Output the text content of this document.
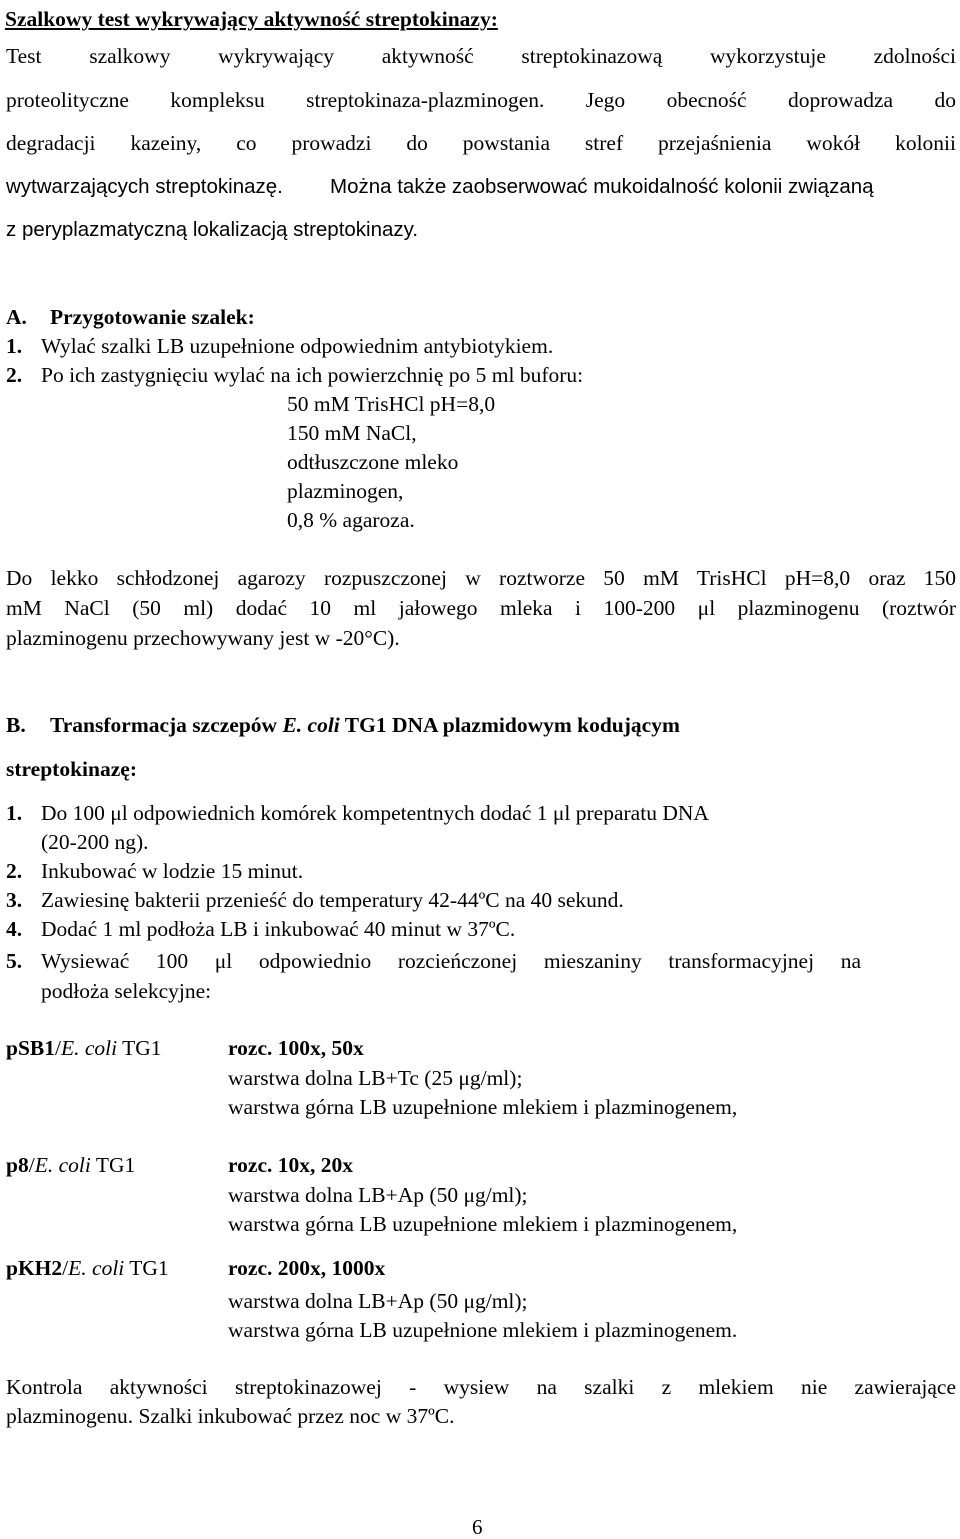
Szalkowy test wykrywający aktywność streptokinazy:
Test szalkowy wykrywający aktywność streptokinazową wykorzystuje zdolności
proteolityczne kompleksu streptokinaza-plazminogen. Jego obecność doprowadza do
degradacji kazeiny, co prowadzi do powstania stref przejaśnienia wokół kolonii
wytwarzających streptokinazę. Można także zaobserwować mukoidalność kolonii związaną
z peryplazmatyczną lokalizacją streptokinazy.
A. Przygotowanie szalek:
1. Wylać szalki LB uzupełnione odpowiednim antybiotykiem.
2. Po ich zastygnięciu wylać na ich powierzchnię po 5 ml buforu:
50 mM TrisHCl pH=8,0
150 mM NaCl,
odtłuszczone mleko
plazminogen,
0,8 % agaroza.
Do lekko schłodzonej agarozy rozpuszczonej w roztworze 50 mM TrisHCl pH=8,0 oraz 150
mM NaCl (50 ml) dodać 10 ml jałowego mleka i 100-200 μl plazminogenu (roztwór
plazminogenu przechowywany jest w -20°C).
B. Transformacja szczepów E. coli TG1 DNA plazmidowym kodującym
streptokinazę:
1. Do 100 μl odpowiednich komórek kompetentnych dodać 1 μl preparatu DNA
(20-200 ng).
2. Inkubować w lodzie 15 minut.
3. Zawiesinę bakterii przenieść do temperatury 42-44ºC na 40 sekund.
4. Dodać 1 ml podłoża LB i inkubować 40 minut w 37ºC.
5. Wysiewać 100 μl odpowiednio rozcieńczonej mieszaniny transformacyjnej na
podłoża selekcyjne:
pSB1/E. coli TG1	rozc. 100x, 50x
warstwa dolna LB+Tc (25 μg/ml);
warstwa górna LB uzupełnione mlekiem i plazminogenem,
p8/E. coli TG1	rozc. 10x, 20x
warstwa dolna LB+Ap (50 μg/ml);
warstwa górna LB uzupełnione mlekiem i plazminogenem,
pKH2/E. coli TG1	rozc. 200x, 1000x
warstwa dolna LB+Ap (50 μg/ml);
warstwa górna LB uzupełnione mlekiem i plazminogenem.
Kontrola aktywności streptokinazowej - wysiew na szalki z mlekiem nie zawierające
plazminogenu. Szalki inkubować przez noc w 37ºC.
6
